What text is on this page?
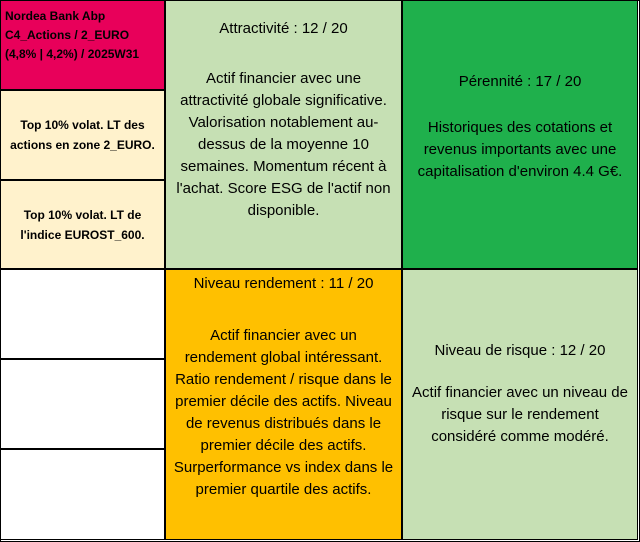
Nordea Bank Abp
C4_Actions / 2_EURO
(4,8% | 4,2%) / 2025W31
Top 10% volat. LT des
actions en zone 2_EURO.
Top 10% volat. LT de
l'indice EUROST_600.
Attractivité : 12 / 20
Actif financier avec une
attractivité globale significative.
Valorisation notablement au-
dessus de la moyenne 10
semaines. Momentum récent à
l'achat. Score ESG de l'actif non
disponible.
Pérennité : 17 / 20
Historiques des cotations et
revenus importants avec une
capitalisation d'environ 4.4 G€.
Niveau rendement : 11 / 20
Actif financier avec un
rendement global intéressant.
Ratio rendement / risque dans le
premier décile des actifs. Niveau
de revenus distribués dans le
premier décile des actifs.
Surperformance vs index dans le
premier quartile des actifs.
Niveau de risque : 12 / 20
Actif financier avec un niveau de
risque sur le rendement
considéré comme modéré.
